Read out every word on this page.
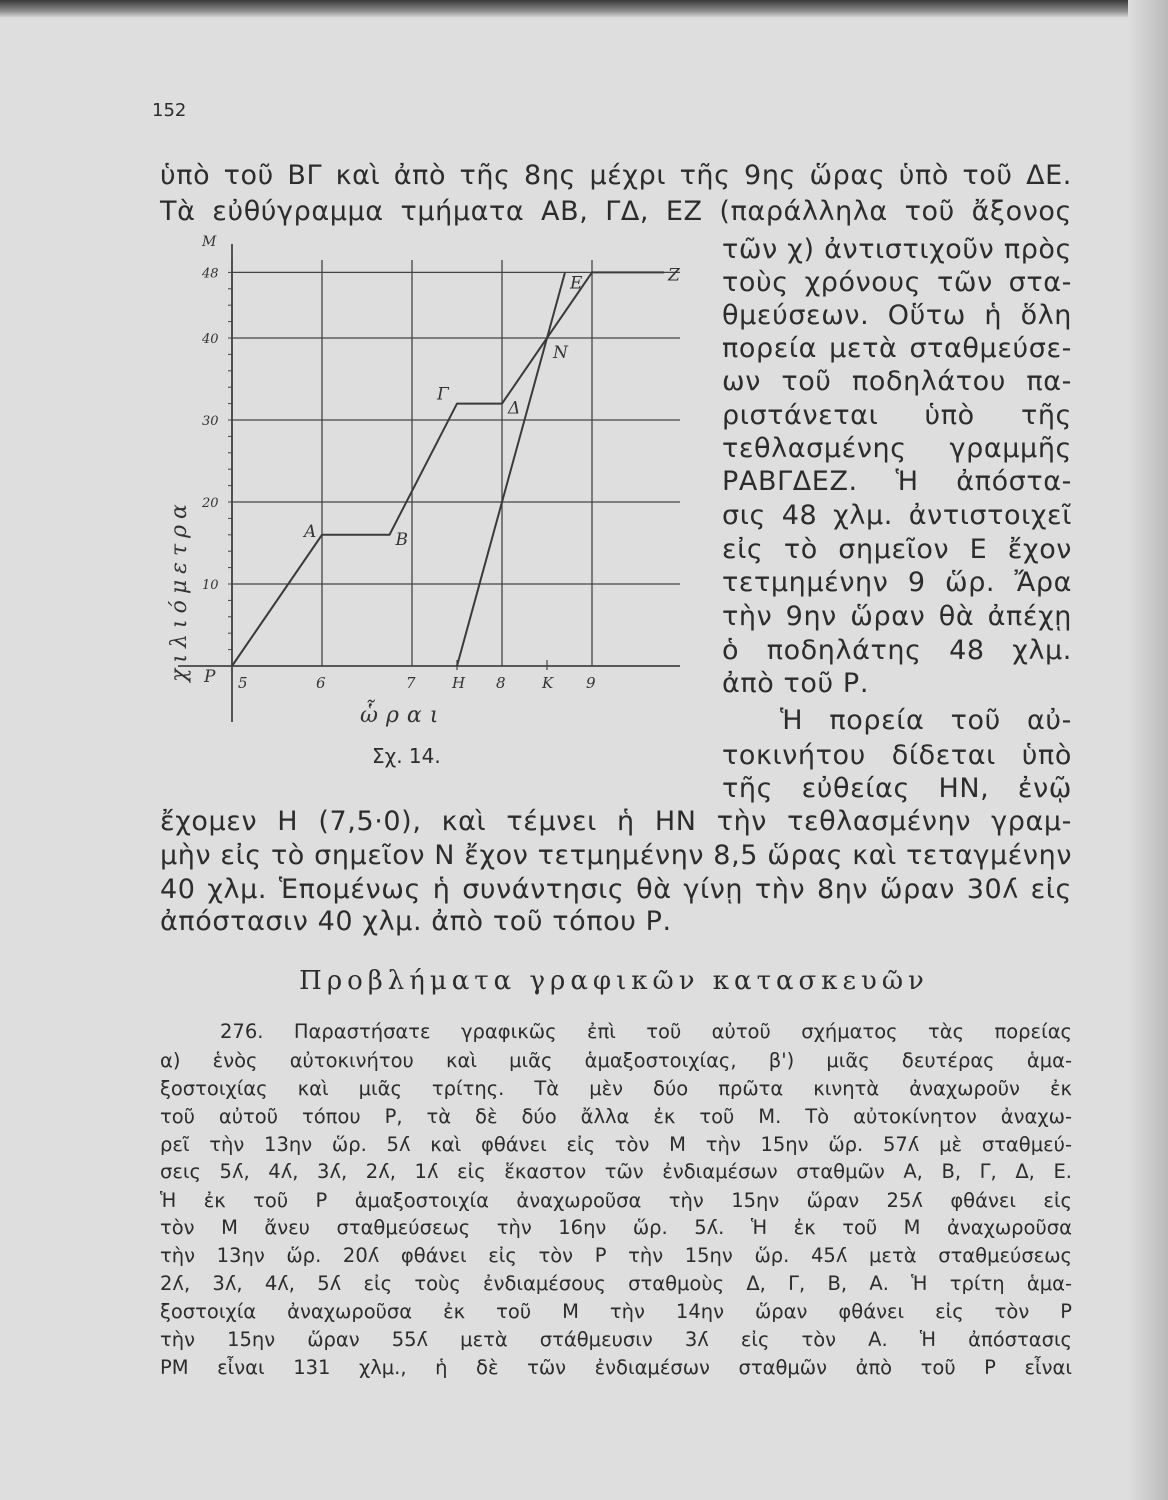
152
ὑπὸ τοῦ ΒΓ καὶ ἀπὸ τῆς 8ης μέχρι τῆς 9ης ὥρας ὑπὸ τοῦ ΔΕ.
Τὰ εὐθύγραμμα τμήματα ΑΒ, ΓΔ, ΕΖ (παράλληλα τοῦ ἄξονος
τῶν χ) ἀντιστιχοῦν πρὸς
τοὺς χρόνους τῶν στα-
θμεύσεων. Οὕτω ἡ ὅλη
πορεία μετὰ σταθμεύσε-
ων τοῦ ποδηλάτου πα-
ριστάνεται ὑπὸ τῆς
τεθλασμένης γραμμῆς
ΡΑΒΓΔΕΖ. Ἡ ἀπόστα-
σις 48 χλμ. ἀντιστοιχεῖ
εἰς τὸ σημεῖον Ε ἔχον
τετμημένην 9 ὥρ. Ἄρα
τὴν 9ην ὥραν θὰ ἀπέχῃ
ὁ ποδηλάτης 48 χλμ.
ἀπὸ τοῦ Ρ.
Ἡ πορεία τοῦ αὐ-
τοκινήτου δίδεται ὑπὸ
τῆς εὐθείας ΗΝ, ἐνῷ
ἔχομεν Η (7,5·0), καὶ τέμνει ἡ ΗΝ τὴν τεθλασμένην γραμ-
μὴν εἰς τὸ σημεῖον Ν ἔχον τετμημένην 8,5 ὥρας καὶ τεταγμένην
40 χλμ. Ἑπομένως ἡ συνάντησις θὰ γίνῃ τὴν 8ην ὥραν 30ʎ εἰς
ἀπόστασιν 40 χλμ. ἀπὸ τοῦ τόπου Ρ.
5	6	7	8	9
10
20
30
40
48
Η	Κ
Α	Β
Γ
Δ
Ε	Ζ
Ν
χιλιόμετρα
ὧραι
Μ
Ρ
Σχ. 14.
Προβλήματα γραφικῶν κατασκευῶν
276. Παραστήσατε γραφικῶς ἐπὶ τοῦ αὐτοῦ σχήματος τὰς πορείας
α) ἑνὸς αὐτοκινήτου καὶ μιᾶς ἁμαξοστοιχίας, β') μιᾶς δευτέρας ἁμα-
ξοστοιχίας καὶ μιᾶς τρίτης. Τὰ μὲν δύο πρῶτα κινητὰ ἀναχωροῦν ἐκ
τοῦ αὐτοῦ τόπου Ρ, τὰ δὲ δύο ἄλλα ἐκ τοῦ Μ. Τὸ αὐτοκίνητον ἀναχω-
ρεῖ τὴν 13ην ὥρ. 5ʎ καὶ φθάνει εἰς τὸν Μ τὴν 15ην ὥρ. 57ʎ μὲ σταθμεύ-
σεις 5ʎ, 4ʎ, 3ʎ, 2ʎ, 1ʎ εἰς ἕκαστον τῶν ἐνδιαμέσων σταθμῶν Α, Β, Γ, Δ, Ε.
Ἡ ἐκ τοῦ Ρ ἁμαξοστοιχία ἀναχωροῦσα τὴν 15ην ὥραν 25ʎ φθάνει εἰς
τὸν Μ ἄνευ σταθμεύσεως τὴν 16ην ὥρ. 5ʎ. Ἡ ἐκ τοῦ Μ ἀναχωροῦσα
τὴν 13ην ὥρ. 20ʎ φθάνει εἰς τὸν Ρ τὴν 15ην ὥρ. 45ʎ μετὰ σταθμεύσεως
2ʎ, 3ʎ, 4ʎ, 5ʎ εἰς τοὺς ἐνδιαμέσους σταθμοὺς Δ, Γ, Β, Α. Ἡ τρίτη ἁμα-
ξοστοιχία ἀναχωροῦσα ἐκ τοῦ Μ τὴν 14ην ὥραν φθάνει εἰς τὸν Ρ
τὴν 15ην ὥραν 55ʎ μετὰ στάθμευσιν 3ʎ εἰς τὸν Α. Ἡ ἀπόστασις
ΡΜ εἶναι 131 χλμ., ἡ δὲ τῶν ἐνδιαμέσων σταθμῶν ἀπὸ τοῦ Ρ εἶναι
